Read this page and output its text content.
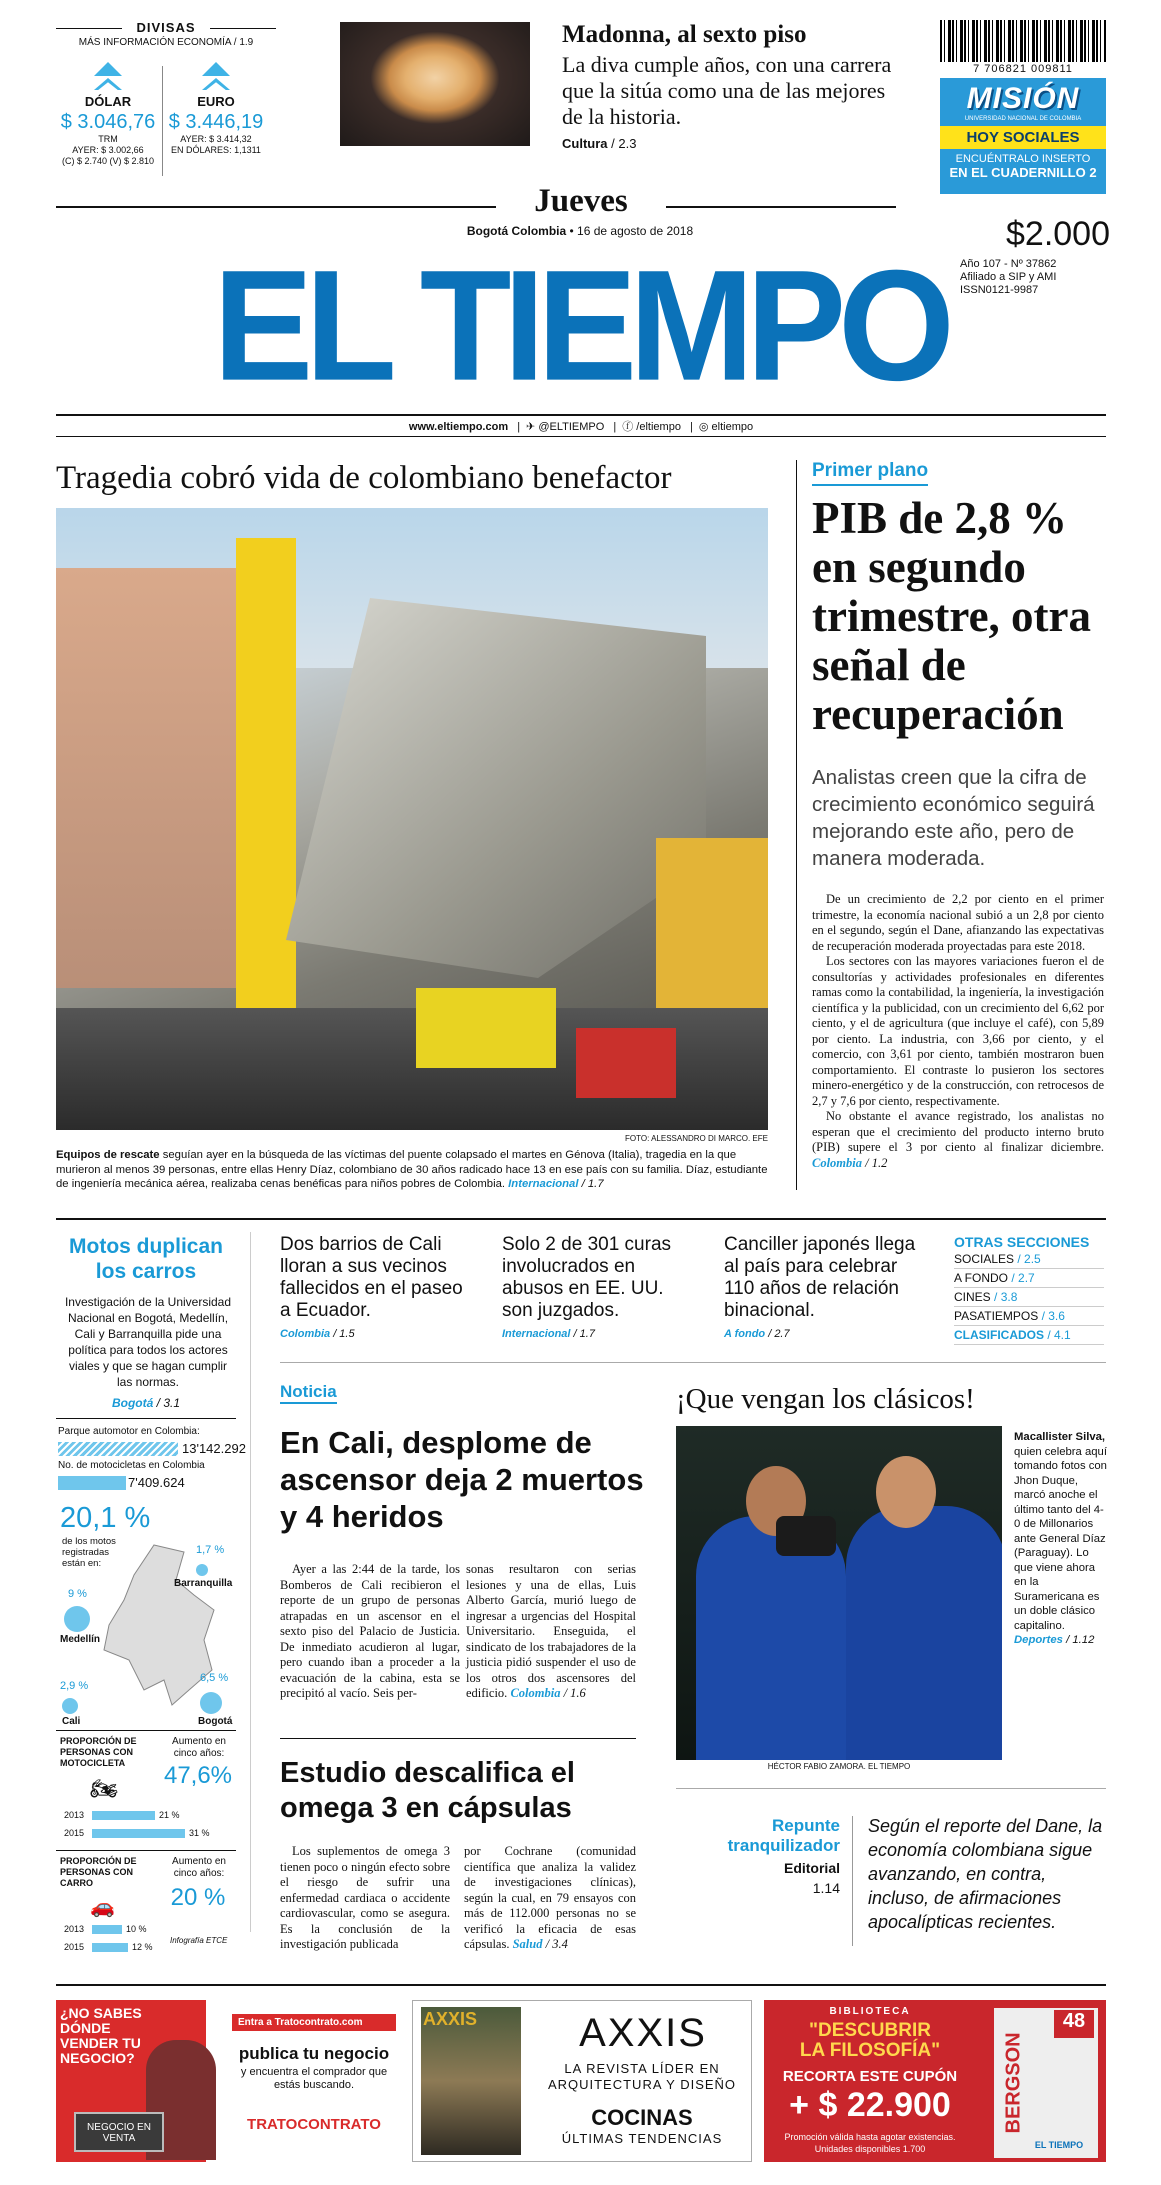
DIVISAS
MÁS INFORMACIÓN ECONOMÍA / 1.9
DÓLAR
$ 3.046,76
TRM
AYER: $ 3.002,66
(C) $ 2.740 (V) $ 2.810
EURO
$ 3.446,19
AYER: $ 3.414,32
EN DÓLARES: 1,1311
Madonna, al sexto piso
La diva cumple años, con una carrera que la sitúa como una de las mejores de la historia.
Cultura / 2.3
7 706821 009811
MISIÓN
UNIVERSIDAD NACIONAL DE COLOMBIA
HOY SOCIALES
ENCUÉNTRALO INSERTO
EN EL CUADERNILLO 2
Jueves
Bogotá Colombia • 16 de agosto de 2018	$2.000
Año 107 - Nº 37862
Afiliado a SIP y AMI
ISSN0121-9987
EL TIEMPO
www.eltiempo.com | ✈ @ELTIEMPO | ⓕ /eltiempo | ◎ eltiempo
Tragedia cobró vida de colombiano benefactor
FOTO: ALESSANDRO DI MARCO. EFE
Equipos de rescate seguían ayer en la búsqueda de las víctimas del puente colapsado el martes en Génova (Italia), tragedia en la que murieron al menos 39 personas, entre ellas Henry Díaz, colombiano de 30 años radicado hace 13 en ese país con su familia. Díaz, estudiante de ingeniería mecánica aérea, realizaba cenas benéficas para niños pobres de Colombia. Internacional / 1.7
Primer plano
PIB de 2,8 % en segundo trimestre, otra señal de recuperación
Analistas creen que la cifra de crecimiento económico seguirá mejorando este año, pero de manera moderada.

De un crecimiento de 2,2 por ciento en el primer trimestre, la economía nacional subió a un 2,8 por ciento en el segundo, según el Dane, afianzando las expectativas de recuperación moderada proyectadas para este 2018.

Los sectores con las mayores variaciones fueron el de consultorías y actividades profesionales en diferentes ramas como la contabilidad, la ingeniería, la investigación científica y la publicidad, con un crecimiento del 6,62 por ciento, y el de agricultura (que incluye el café), con 5,89 por ciento. La industria, con 3,66 por ciento, y el comercio, con 3,61 por ciento, también mostraron buen comportamiento. El contraste lo pusieron los sectores minero-energético y de la construcción, con retrocesos de 2,7 y 7,6 por ciento, respectivamente.

No obstante el avance registrado, los analistas no esperan que el crecimiento del producto interno bruto (PIB) supere el 3 por ciento al finalizar diciembre. Colombia / 1.2

Motos duplican los carros
Investigación de la Universidad Nacional en Bogotá, Medellín, Cali y Barranquilla pide una política para todos los actores viales y que se hagan cumplir las normas.
Bogotá / 3.1
Parque automotor en Colombia:
13'142.292
No. de motocicletas en Colombia
7'409.624
20,1 %
de los motos registradas están en:
1,7 %
Barranquilla
9 %
Medellín
2,9 %
Cali
6,5 %
Bogotá
PROPORCIÓN DE PERSONAS CON MOTOCICLETA
Aumento en cinco años:
47,6%
🏍
2013	21 %
2015	31 %
PROPORCIÓN DE PERSONAS CON CARRO
Aumento en cinco años:
20 %
🚗
2013	10 %
2015	12 %
Infografía ETCE
Dos barrios de Cali lloran a sus vecinos fallecidos en el paseo a Ecuador.
Colombia / 1.5
Solo 2 de 301 curas involucrados en abusos en EE. UU. son juzgados.
Internacional / 1.7
Canciller japonés llega al país para celebrar 110 años de relación binacional.
A fondo / 2.7
OTRAS SECCIONES
SOCIALES / 2.5
A FONDO / 2.7
CINES / 3.8
PASATIEMPOS / 3.6
CLASIFICADOS / 4.1
Noticia
En Cali, desplome de ascensor deja 2 muertos y 4 heridos

Ayer a las 2:44 de la tarde, los Bomberos de Cali recibieron el reporte de un grupo de personas atrapadas en un ascensor en el sexto piso del Palacio de Justicia. De inmediato acudieron al lugar, pero cuando iban a proceder a la evacuación de la cabina, esta se precipitó al vacío. Seis per-

sonas resultaron con serias lesiones y una de ellas, Luis Alberto García, murió luego de ingresar a urgencias del Hospital Universitario. Enseguida, el sindicato de los trabajadores de la justicia pidió suspender el uso de los otros dos ascensores del edificio. Colombia / 1.6

Estudio descalifica el omega 3 en cápsulas

Los suplementos de omega 3 tienen poco o ningún efecto sobre el riesgo de sufrir una enfermedad cardiaca o accidente cardiovascular, como se asegura. Es la conclusión de la investigación publicada

por Cochrane (comunidad científica que analiza la validez de investigaciones clínicas), según la cual, en 79 ensayos con más de 112.000 personas no se verificó la eficacia de esas cápsulas. Salud / 3.4

¡Que vengan los clásicos!
HÉCTOR FABIO ZAMORA. EL TIEMPO
Macallister Silva, quien celebra aquí tomando fotos con Jhon Duque, marcó anoche el último tanto del 4-0 de Millonarios ante General Díaz (Paraguay). Lo que viene ahora en la Suramericana es un doble clásico capitalino. Deportes / 1.12
Repunte tranquilizador
Editorial
1.14
Según el reporte del Dane, la economía colombiana sigue avanzando, en contra, incluso, de afirmaciones apocalípticas recientes.
¿NO SABES DÓNDE VENDER TU NEGOCIO?
NEGOCIO EN VENTA
Entra a Tratocontrato.com
publica tu negocio
y encuentra el comprador que estás buscando.
TRATOCONTRATO
AXXIS	AXXIS
LA REVISTA LÍDER EN
ARQUITECTURA Y DISEÑO
COCINAS
ÚLTIMAS TENDENCIAS
BIBLIOTECA
"DESCUBRIR
LA FILOSOFÍA"
RECORTA ESTE CUPÓN
+ $ 22.900
Promoción válida hasta agotar existencias.
Unidades disponibles 1.700
48
BERGSON
EL TIEMPO
